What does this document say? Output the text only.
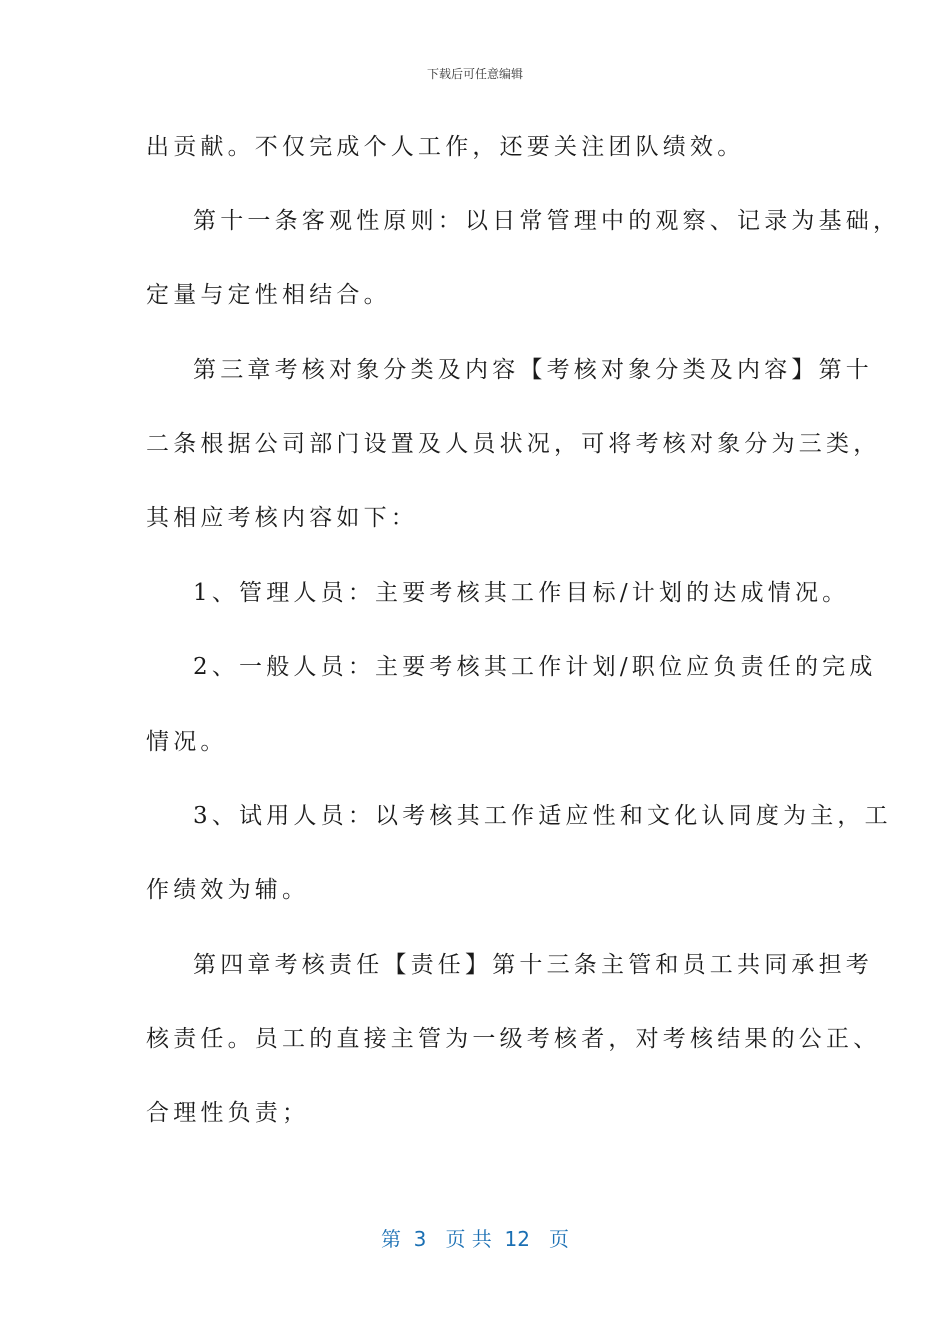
下载后可任意编辑
出贡献。不仅完成个人工作，还要关注团队绩效。
第十一条客观性原则：以日常管理中的观察、记录为基础，
定量与定性相结合。
第三章考核对象分类及内容【考核对象分类及内容】第十
二条根据公司部门设置及人员状况，可将考核对象分为三类，
其相应考核内容如下：
1、管理人员：主要考核其工作目标/计划的达成情况。
2、一般人员：主要考核其工作计划/职位应负责任的完成
情况。
3、试用人员：以考核其工作适应性和文化认同度为主，工
作绩效为辅。
第四章考核责任【责任】第十三条主管和员工共同承担考
核责任。员工的直接主管为一级考核者，对考核结果的公正、
合理性负责；
第  3   页 共  12   页
